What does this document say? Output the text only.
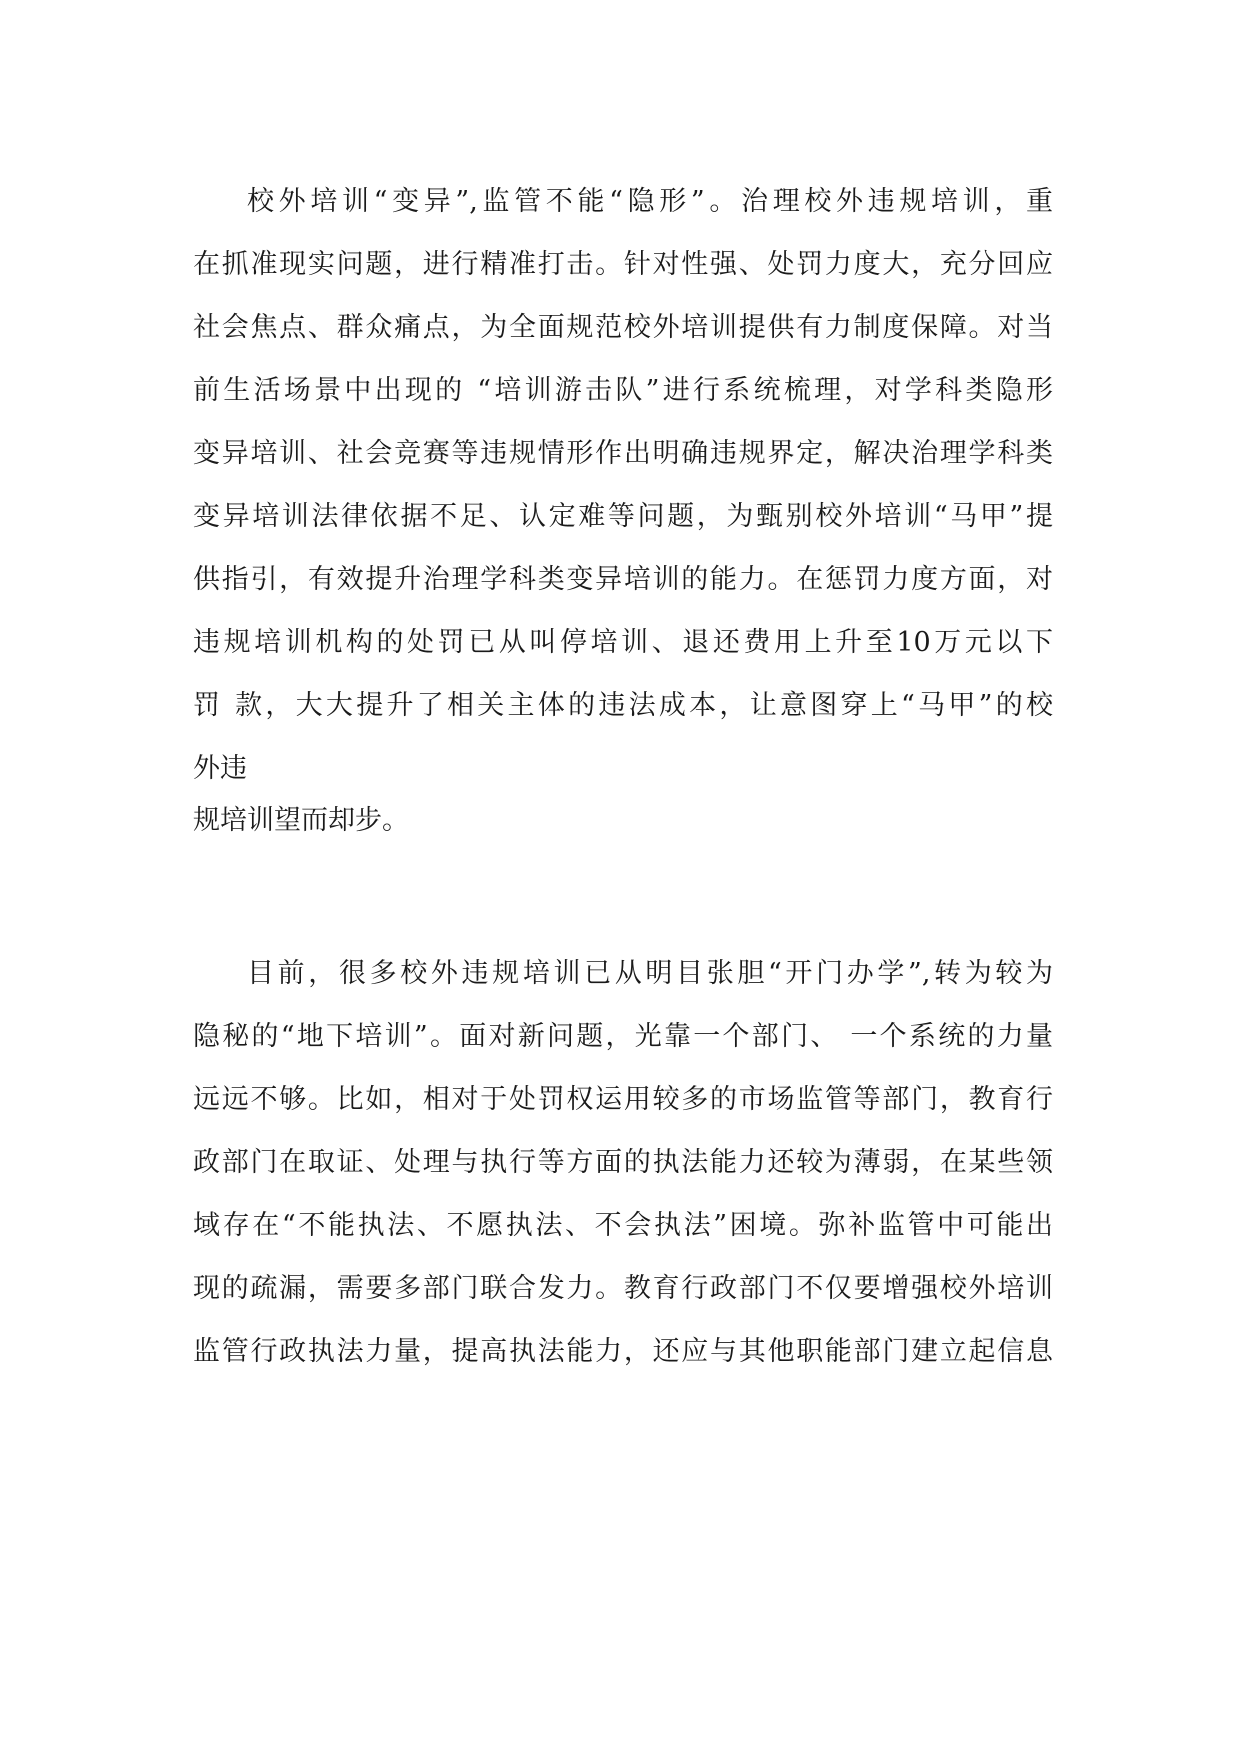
校外培训“变异”,监管不能“隐形”。治理校外违规培训，重
在抓准现实问题，进行精准打击。针对性强、处罚力度大，充分回应
社会焦点、群众痛点，为全面规范校外培训提供有力制度保障。对当
前生活场景中出现的 “培训游击队”进行系统梳理，对学科类隐形
变异培训、社会竞赛等违规情形作出明确违规界定，解决治理学科类
变异培训法律依据不足、认定难等问题，为甄别校外培训“马甲”提
供指引，有效提升治理学科类变异培训的能力。在惩罚力度方面，对
违规培训机构的处罚已从叫停培训、退还费用上升至10万元以下
罚 款，大大提升了相关主体的违法成本，让意图穿上“马甲”的校
外违
规培训望而却步。
目前，很多校外违规培训已从明目张胆“开门办学”,转为较为
隐秘的“地下培训”。面对新问题，光靠一个部门、 一个系统的力量
远远不够。比如，相对于处罚权运用较多的市场监管等部门，教育行
政部门在取证、处理与执行等方面的执法能力还较为薄弱，在某些领
域存在“不能执法、不愿执法、不会执法”困境。弥补监管中可能出
现的疏漏，需要多部门联合发力。教育行政部门不仅要增强校外培训
监管行政执法力量，提高执法能力，还应与其他职能部门建立起信息
